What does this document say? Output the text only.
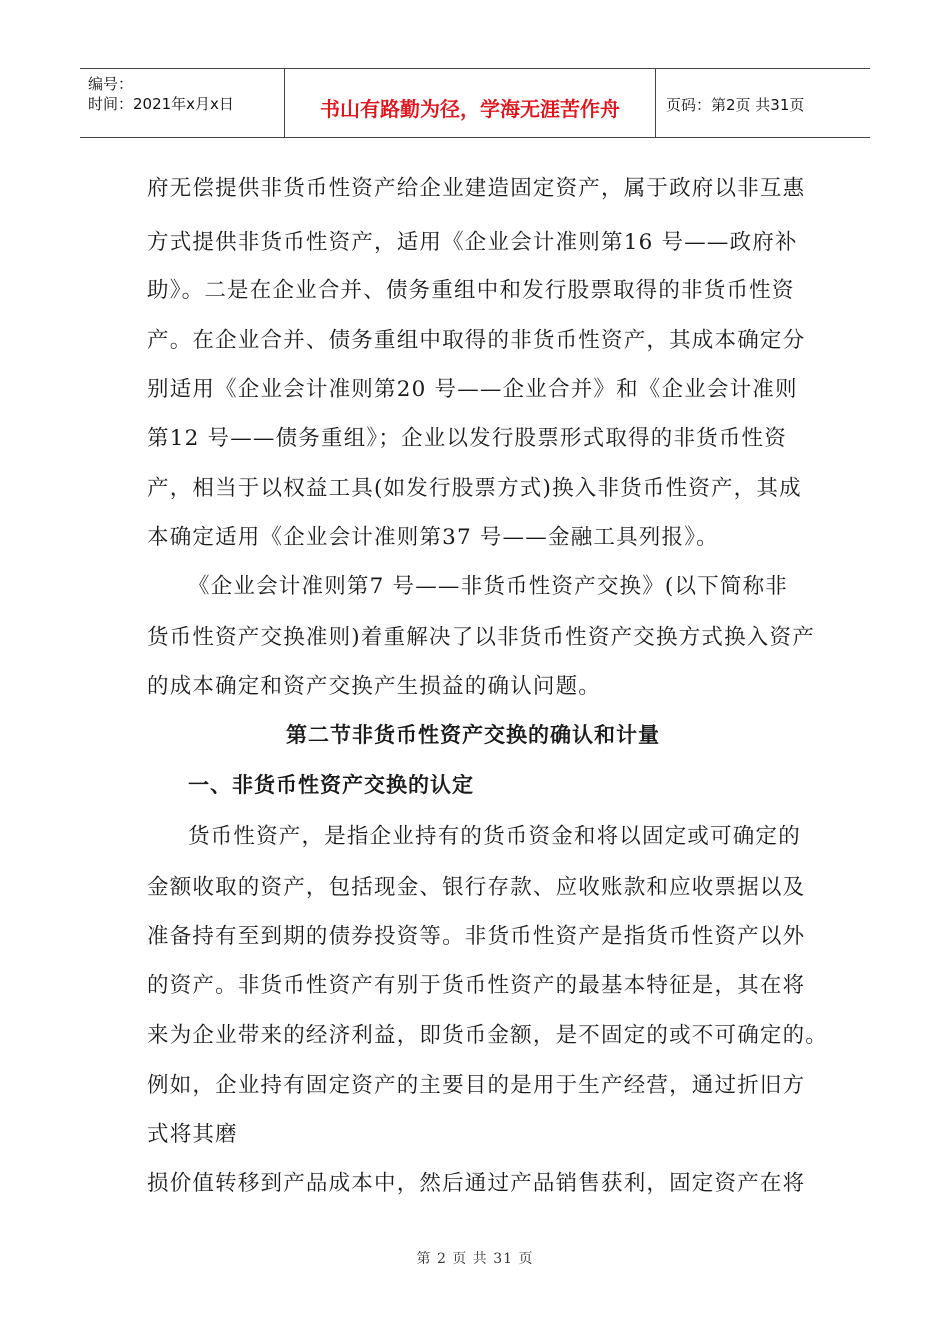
编号：
时间：2021年x月x日	书山有路勤为径，学海无涯苦作舟	页码：第2页 共31页
府无偿提供非货币性资产给企业建造固定资产，属于政府以非互惠
方式提供非货币性资产，适用《企业会计准则第16 号——政府补
助》。二是在企业合并、债务重组中和发行股票取得的非货币性资
产。在企业合并、债务重组中取得的非货币性资产，其成本确定分
别适用《企业会计准则第20 号——企业合并》和《企业会计准则
第12 号——债务重组》；企业以发行股票形式取得的非货币性资
产，相当于以权益工具(如发行股票方式)换入非货币性资产，其成
本确定适用《企业会计准则第37 号——金融工具列报》。
《企业会计准则第7 号——非货币性资产交换》(以下简称非
货币性资产交换准则)着重解决了以非货币性资产交换方式换入资产
的成本确定和资产交换产生损益的确认问题。
第二节非货币性资产交换的确认和计量
一、非货币性资产交换的认定
货币性资产，是指企业持有的货币资金和将以固定或可确定的
金额收取的资产，包括现金、银行存款、应收账款和应收票据以及
准备持有至到期的债券投资等。非货币性资产是指货币性资产以外
的资产。非货币性资产有别于货币性资产的最基本特征是，其在将
来为企业带来的经济利益，即货币金额，是不固定的或不可确定的。
例如，企业持有固定资产的主要目的是用于生产经营，通过折旧方
式将其磨
损价值转移到产品成本中，然后通过产品销售获利，固定资产在将
第 2 页 共 31 页
